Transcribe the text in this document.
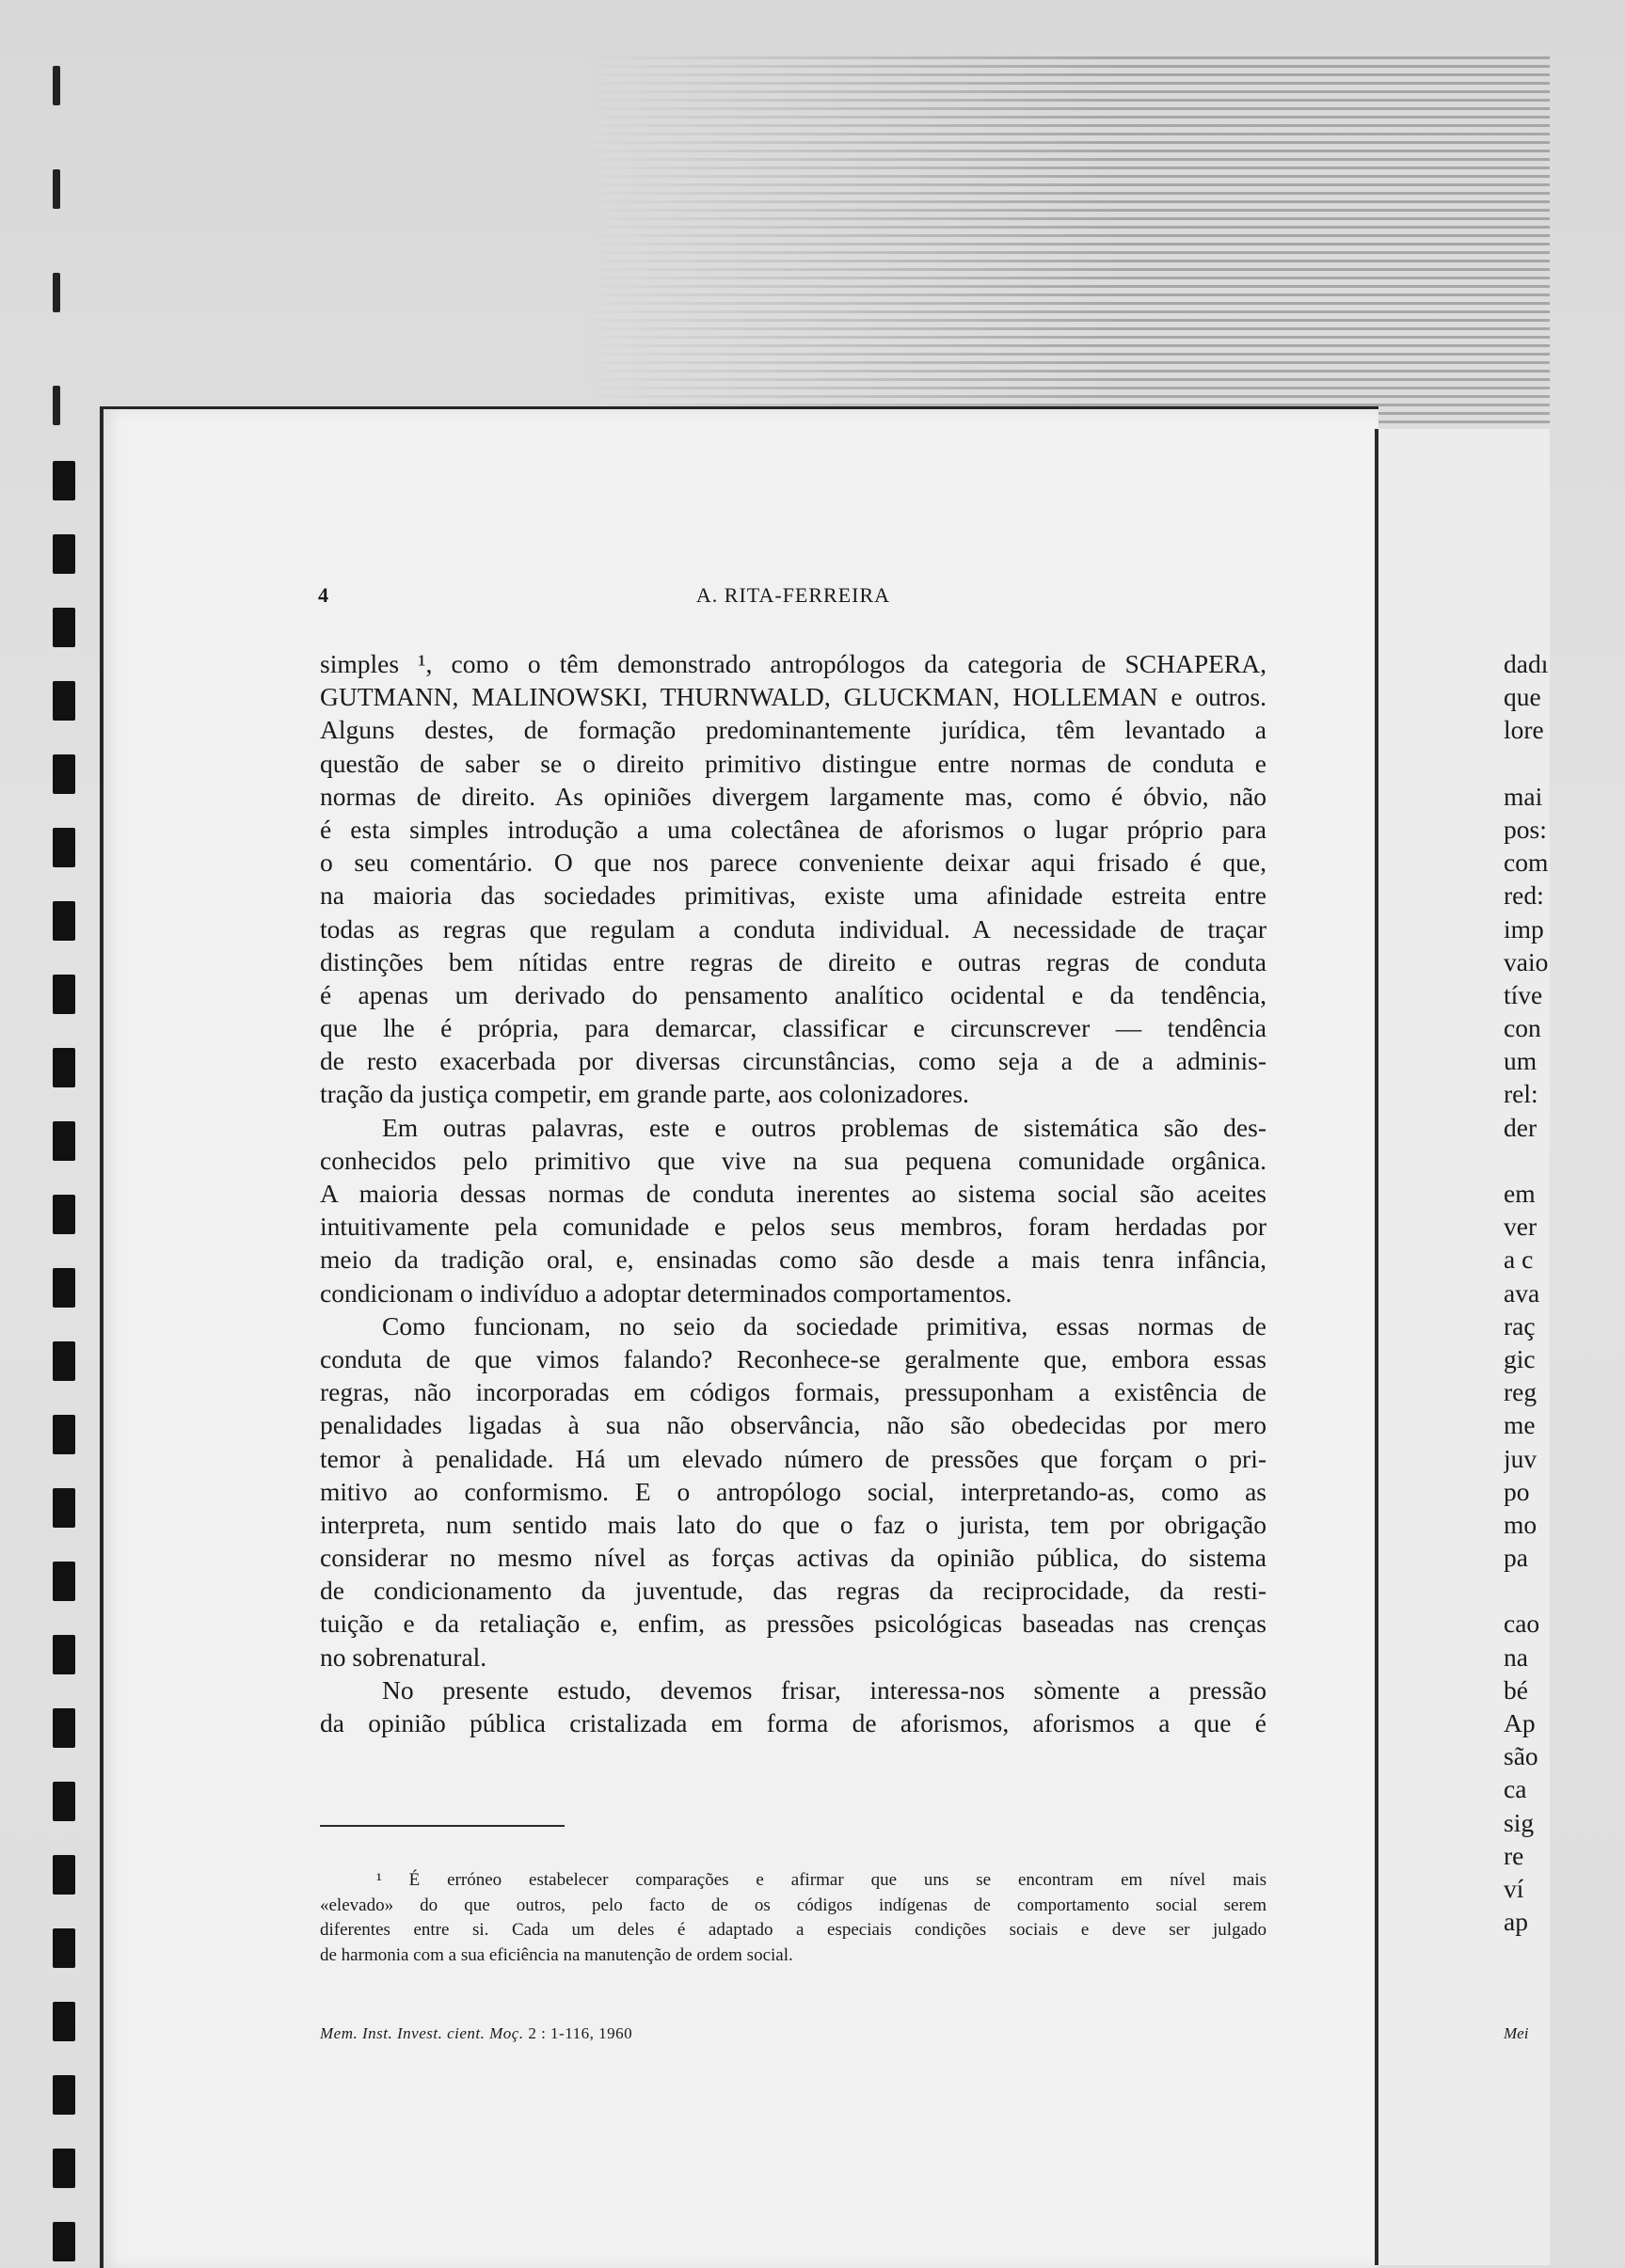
4	A. RITA-FERREIRA
simples ¹, como o têm demonstrado antropólogos da categoria de SCHAPERA,
GUTMANN, MALINOWSKI, THURNWALD, GLUCKMAN, HOLLEMAN e outros.
Alguns destes, de formação predominantemente jurídica, têm levantado a
questão de saber se o direito primitivo distingue entre normas de conduta e
normas de direito. As opiniões divergem largamente mas, como é óbvio, não
é esta simples introdução a uma colectânea de aforismos o lugar próprio para
o seu comentário. O que nos parece conveniente deixar aqui frisado é que,
na maioria das sociedades primitivas, existe uma afinidade estreita entre
todas as regras que regulam a conduta individual. A necessidade de traçar
distinções bem nítidas entre regras de direito e outras regras de conduta
é apenas um derivado do pensamento analítico ocidental e da tendência,
que lhe é própria, para demarcar, classificar e circunscrever — tendência
de resto exacerbada por diversas circunstâncias, como seja a de a adminis-
tração da justiça competir, em grande parte, aos colonizadores.
Em outras palavras, este e outros problemas de sistemática são des-
conhecidos pelo primitivo que vive na sua pequena comunidade orgânica.
A maioria dessas normas de conduta inerentes ao sistema social são aceites
intuitivamente pela comunidade e pelos seus membros, foram herdadas por
meio da tradição oral, e, ensinadas como são desde a mais tenra infância,
condicionam o indivíduo a adoptar determinados comportamentos.
Como funcionam, no seio da sociedade primitiva, essas normas de
conduta de que vimos falando? Reconhece-se geralmente que, embora essas
regras, não incorporadas em códigos formais, pressuponham a existência de
penalidades ligadas à sua não observância, não são obedecidas por mero
temor à penalidade. Há um elevado número de pressões que forçam o pri-
mitivo ao conformismo. E o antropólogo social, interpretando-as, como as
interpreta, num sentido mais lato do que o faz o jurista, tem por obrigação
considerar no mesmo nível as forças activas da opinião pública, do sistema
de condicionamento da juventude, das regras da reciprocidade, da resti-
tuição e da retaliação e, enfim, as pressões psicológicas baseadas nas crenças
no sobrenatural.
No presente estudo, devemos frisar, interessa-nos sòmente a pressão
da opinião pública cristalizada em forma de aforismos, aforismos a que é
¹ É erróneo estabelecer comparações e afirmar que uns se encontram em nível mais
«elevado» do que outros, pelo facto de os códigos indígenas de comportamento social serem
diferentes entre si. Cada um deles é adaptado a especiais condições sociais e deve ser julgado
de harmonia com a sua eficiência na manutenção de ordem social.
Mem. Inst. Invest. cient. Moç. 2 : 1-116, 1960
dadı
que
lore
mai
pos:
com
red:
imp
vaio
tíve
con
um
rel:
der
em
ver
a c
ava
raç
gic
reg
me
juv
po
mo
pa
cao
na
bé
Ap
são
ca
sig
re
ví
ap
Mei
